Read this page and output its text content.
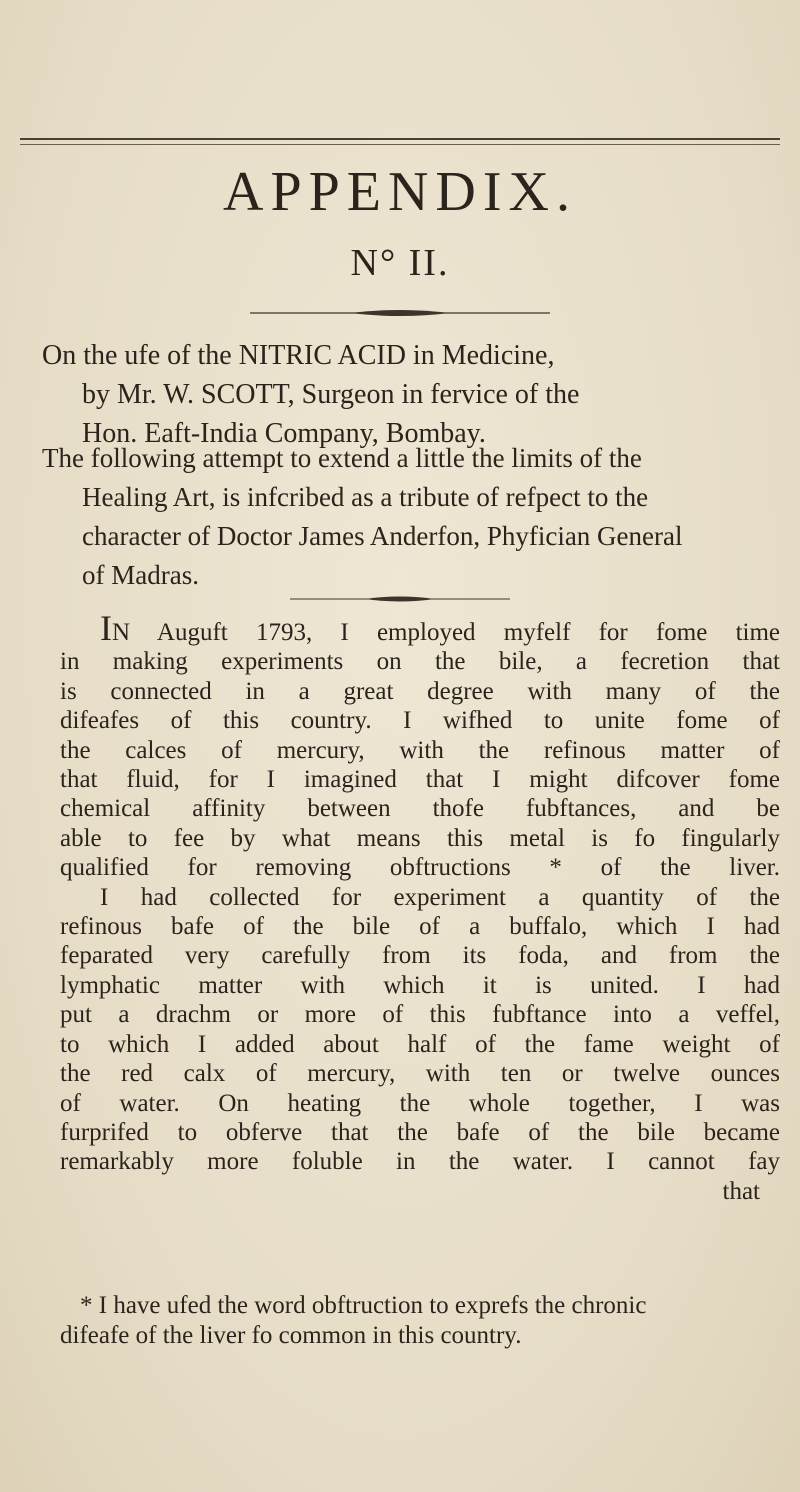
APPENDIX.
N° II.

On the ufe of the NITRIC ACID in Medicine,

by Mr. W. SCOTT, Surgeon in fervice of the

Hon. Eaft-India Company, Bombay.

The following attempt to extend a little the limits of the

Healing Art, is infcribed as a tribute of refpect to the

character of Doctor James Anderfon, Phyfician General

of Madras.

IN Auguft 1793, I employed myfelf for fome time

in making experiments on the bile, a fecretion that

is connected in a great degree with many of the

difeafes of this country. I wifhed to unite fome of

the calces of mercury, with the refinous matter of

that fluid, for I imagined that I might difcover fome

chemical affinity between thofe fubftances, and be

able to fee by what means this metal is fo fingularly

qualified for removing obftructions * of the liver.

I had collected for experiment a quantity of the

refinous bafe of the bile of a buffalo, which I had

feparated very carefully from its foda, and from the

lymphatic matter with which it is united. I had

put a drachm or more of this fubftance into a veffel,

to which I added about half of the fame weight of

the red calx of mercury, with ten or twelve ounces

of water. On heating the whole together, I was

furprifed to obferve that the bafe of the bile became

remarkably more foluble in the water. I cannot fay

that

* I have ufed the word obftruction to exprefs the chronic

difeafe of the liver fo common in this country.
